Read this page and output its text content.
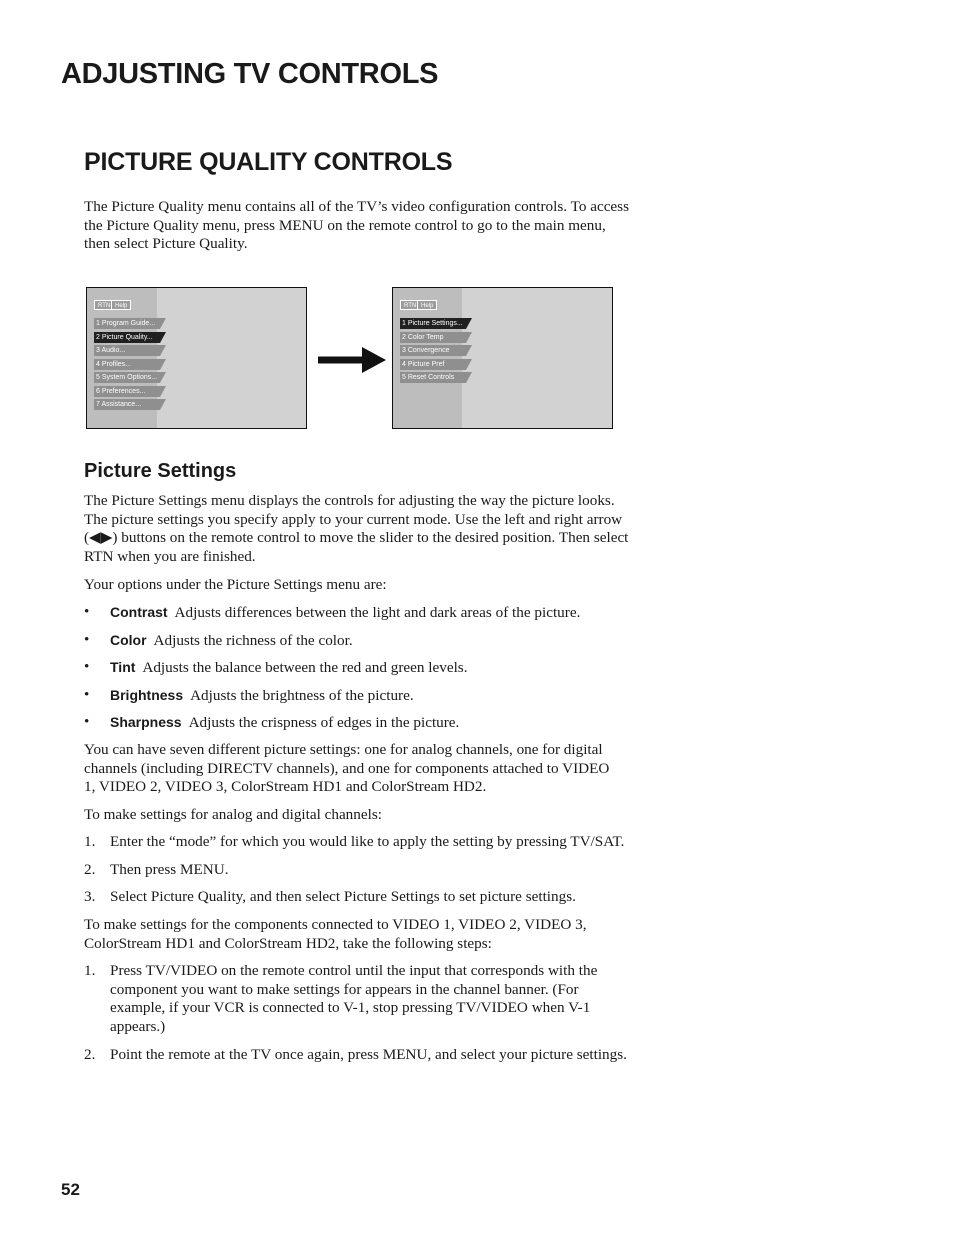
ADJUSTING TV CONTROLS
PICTURE QUALITY CONTROLS

The Picture Quality menu contains all of the TV’s video configuration controls. To access the Picture Quality menu, press MENU on the remote control to go to the main menu, then select Picture Quality.

RTN Help
1 Program Guide...
2 Picture Quality...
3 Audio...
4 Profiles...
5 System Options...
6 Preferences...
7 Assistance...
RTN Help
1 Picture Settings...
2 Color Temp
3 Convergence
4 Picture Pref
5 Reset Controls
Picture Settings

The Picture Settings menu displays the controls for adjusting the way the picture looks. The picture settings you specify apply to your current mode. Use the left and right arrow (◀▶) buttons on the remote control to move the slider to the desired position. Then select RTN when you are finished.

Your options under the Picture Settings menu are:

• Contrast Adjusts differences between the light and dark areas of the picture.
• Color Adjusts the richness of the color.
• Tint Adjusts the balance between the red and green levels.
• Brightness Adjusts the brightness of the picture.
• Sharpness Adjusts the crispness of edges in the picture.

You can have seven different picture settings: one for analog channels, one for digital channels (including DIRECTV channels), and one for components attached to VIDEO 1, VIDEO 2, VIDEO 3, ColorStream HD1 and ColorStream HD2.

To make settings for analog and digital channels:

1. Enter the “mode” for which you would like to apply the setting by pressing TV/SAT.
2. Then press MENU.
3. Select Picture Quality, and then select Picture Settings to set picture settings.

To make settings for the components connected to VIDEO 1, VIDEO 2, VIDEO 3, ColorStream HD1 and ColorStream HD2, take the following steps:

1. Press TV/VIDEO on the remote control until the input that corresponds with the component you want to make settings for appears in the channel banner. (For example, if your VCR is connected to V-1, stop pressing TV/VIDEO when V-1 appears.)
2. Point the remote at the TV once again, press MENU, and select your picture settings.

52
